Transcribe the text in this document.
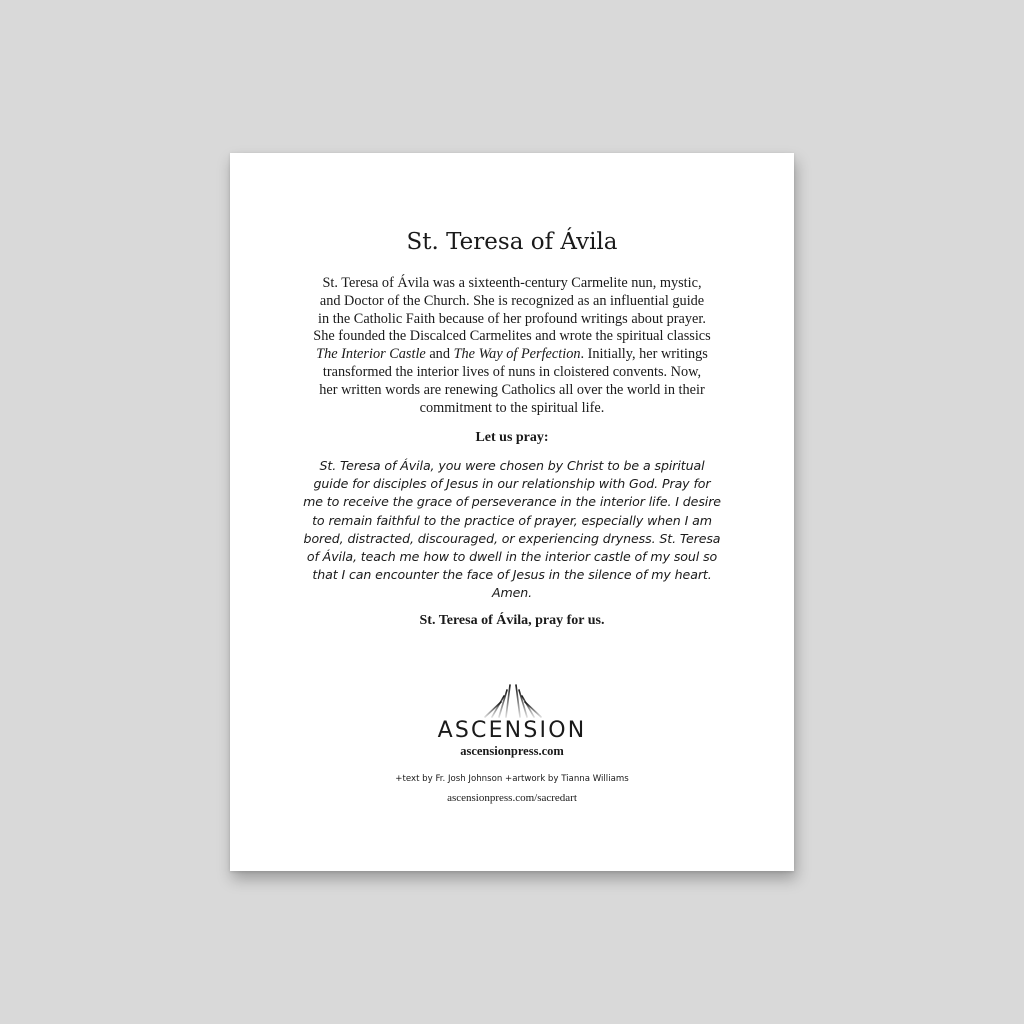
St. Teresa of Ávila

St. Teresa of Ávila was a sixteenth-century Carmelite nun, mystic,
and Doctor of the Church. She is recognized as an influential guide
in the Catholic Faith because of her profound writings about prayer.
She founded the Discalced Carmelites and wrote the spiritual classics
The Interior Castle and The Way of Perfection. Initially, her writings
transformed the interior lives of nuns in cloistered convents. Now,
her written words are renewing Catholics all over the world in their
commitment to the spiritual life.

Let us pray:

St. Teresa of Ávila, you were chosen by Christ to be a spiritual
guide for disciples of Jesus in our relationship with God. Pray for
me to receive the grace of perseverance in the interior life. I desire
to remain faithful to the practice of prayer, especially when I am
bored, distracted, discouraged, or experiencing dryness. St. Teresa
of Ávila, teach me how to dwell in the interior castle of my soul so
that I can encounter the face of Jesus in the silence of my heart.
Amen.

St. Teresa of Ávila, pray for us.

ASCENSION
ascensionpress.com
+text by Fr. Josh Johnson +artwork by Tianna Williams
ascensionpress.com/sacredart
